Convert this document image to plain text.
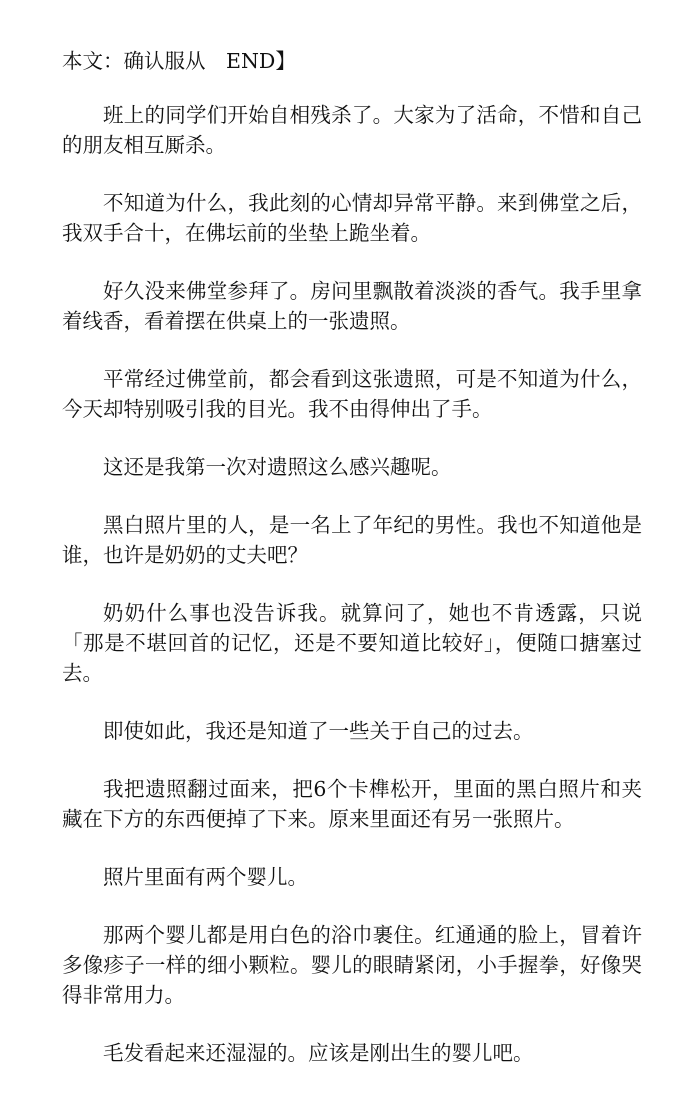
本文：确认服从　END】

班上的同学们开始自相残杀了。大家为了活命，不惜和自己的朋友相互厮杀。

不知道为什么，我此刻的心情却异常平静。来到佛堂之后，我双手合十，在佛坛前的坐垫上跪坐着。

好久没来佛堂参拜了。房问里飘散着淡淡的香气。我手里拿着线香，看着摆在供桌上的一张遗照。

平常经过佛堂前，都会看到这张遗照，可是不知道为什么，今天却特别吸引我的目光。我不由得伸出了手。

这还是我第一次对遗照这么感兴趣呢。

黑白照片里的人，是一名上了年纪的男性。我也不知道他是谁，也许是奶奶的丈夫吧？

奶奶什么事也没告诉我。就算问了，她也不肯透露，只说「那是不堪回首的记忆，还是不要知道比较好」，便随口搪塞过去。

即使如此，我还是知道了一些关于自己的过去。

我把遗照翻过面来，把6个卡榫松开，里面的黑白照片和夹藏在下方的东西便掉了下来。原来里面还有另一张照片。

照片里面有两个婴儿。

那两个婴儿都是用白色的浴巾裹住。红通通的脸上，冒着许多像疹子一样的细小颗粒。婴儿的眼睛紧闭，小手握拳，好像哭得非常用力。

毛发看起来还湿湿的。应该是刚出生的婴儿吧。
